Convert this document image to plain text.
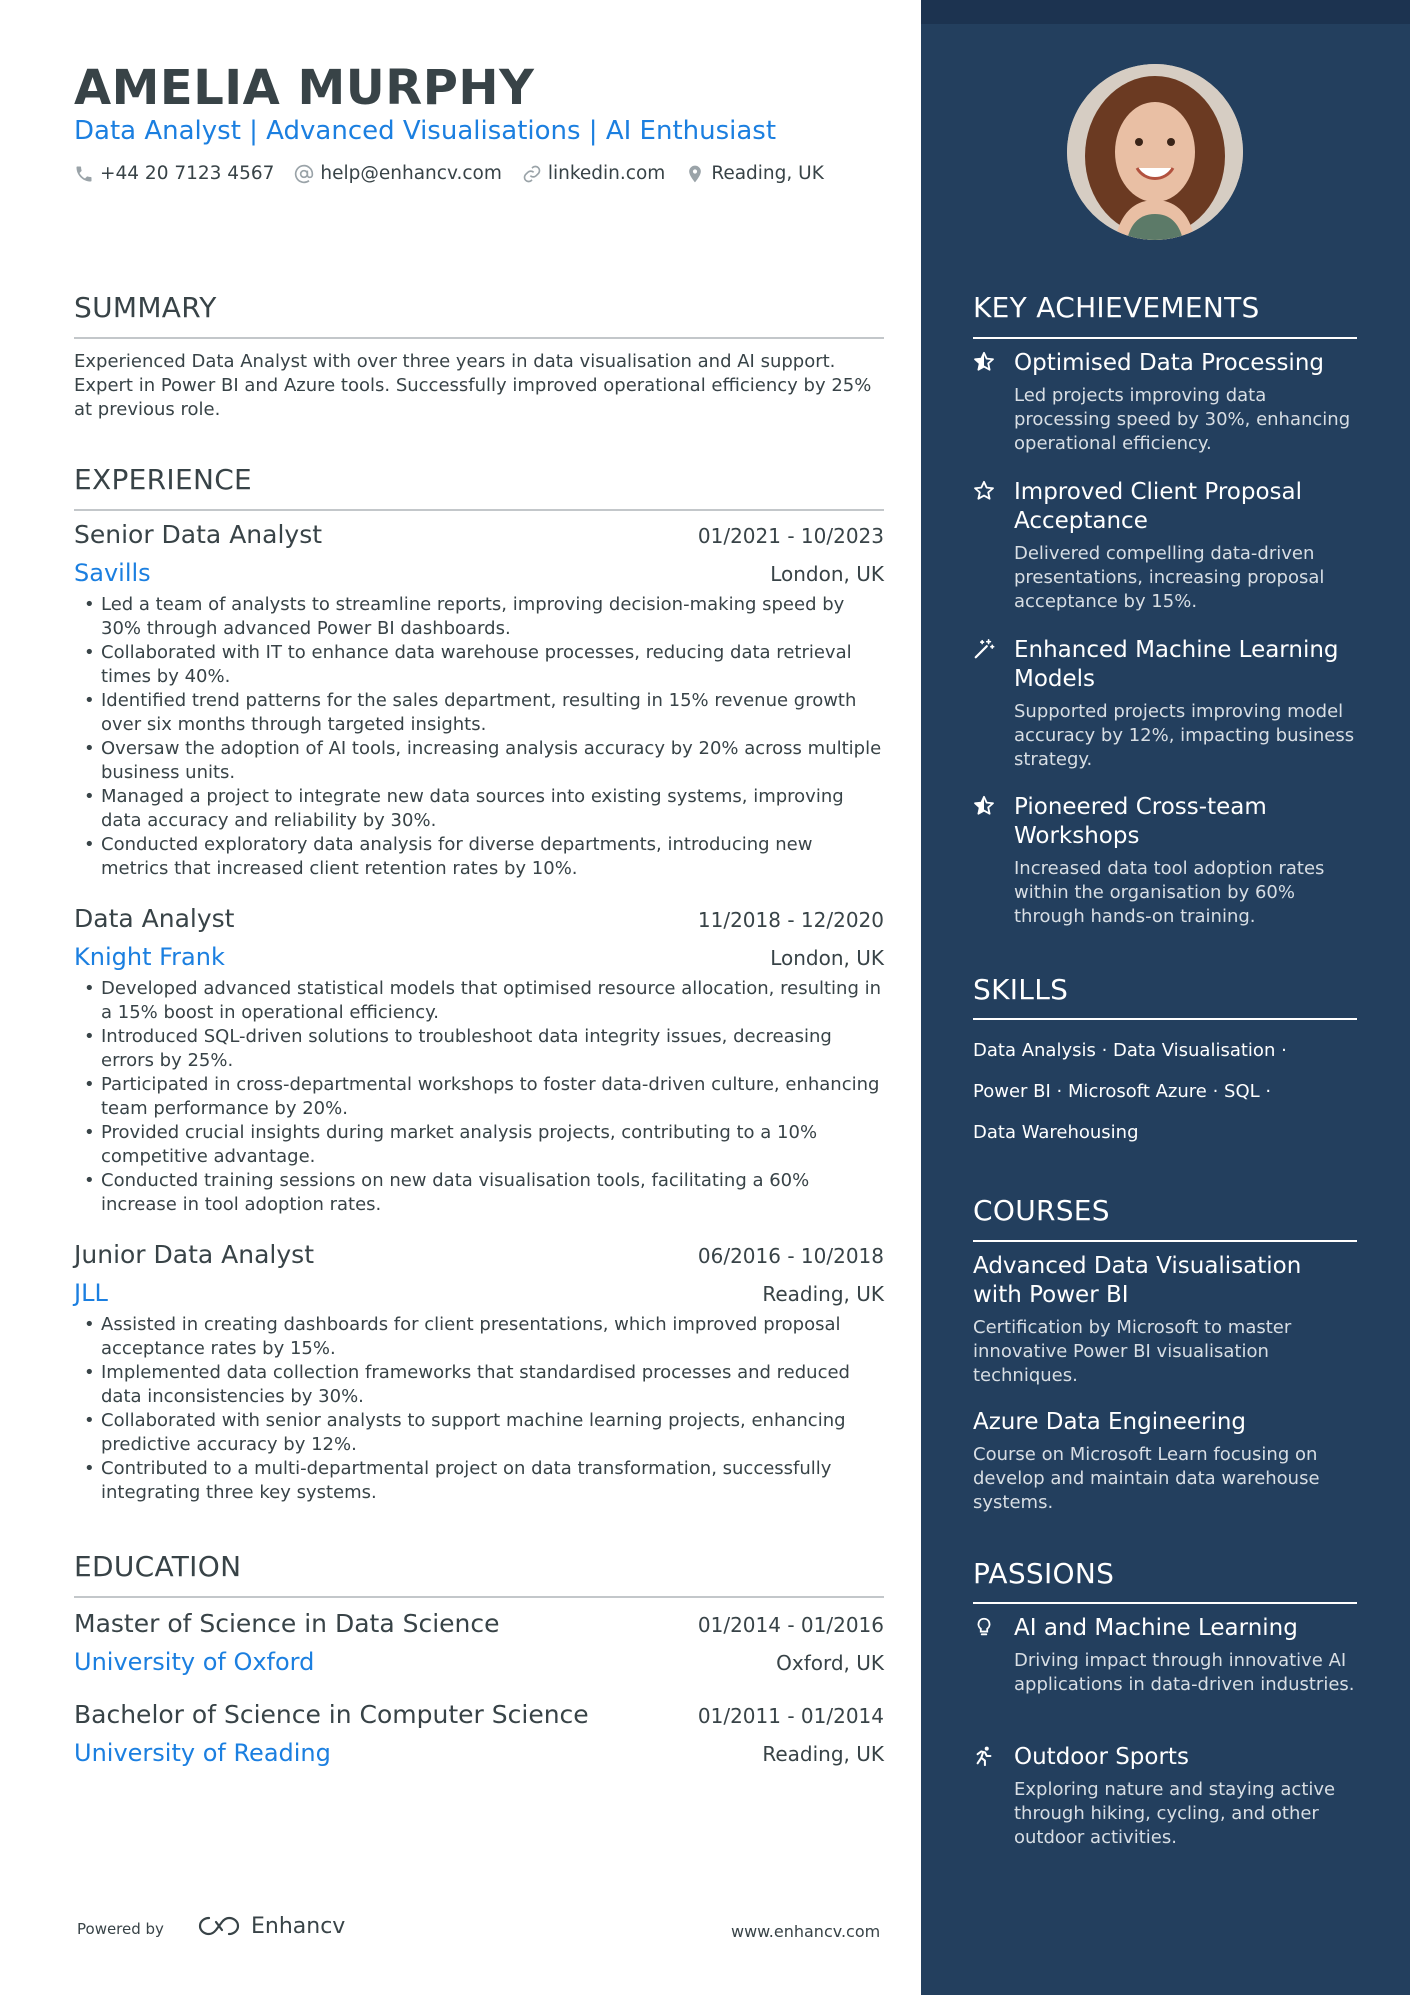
AMELIA MURPHY
Data Analyst | Advanced Visualisations | AI Enthusiast
+44 20 7123 4567 help@enhancv.com linkedin.com Reading, UK
SUMMARY
Experienced Data Analyst with over three years in data visualisation and AI support. Expert in Power BI and Azure tools. Successfully improved operational efficiency by 25% at previous role.
EXPERIENCE
Senior Data Analyst	01/2021 - 10/2023
Savills	London, UK
• Led a team of analysts to streamline reports, improving decision-making speed by 30% through advanced Power BI dashboards.
• Collaborated with IT to enhance data warehouse processes, reducing data retrieval times by 40%.
• Identified trend patterns for the sales department, resulting in 15% revenue growth over six months through targeted insights.
• Oversaw the adoption of AI tools, increasing analysis accuracy by 20% across multiple business units.
• Managed a project to integrate new data sources into existing systems, improving data accuracy and reliability by 30%.
• Conducted exploratory data analysis for diverse departments, introducing new metrics that increased client retention rates by 10%.
Data Analyst	11/2018 - 12/2020
Knight Frank	London, UK
• Developed advanced statistical models that optimised resource allocation, resulting in a 15% boost in operational efficiency.
• Introduced SQL-driven solutions to troubleshoot data integrity issues, decreasing errors by 25%.
• Participated in cross-departmental workshops to foster data-driven culture, enhancing team performance by 20%.
• Provided crucial insights during market analysis projects, contributing to a 10% competitive advantage.
• Conducted training sessions on new data visualisation tools, facilitating a 60% increase in tool adoption rates.
Junior Data Analyst	06/2016 - 10/2018
JLL	Reading, UK
• Assisted in creating dashboards for client presentations, which improved proposal acceptance rates by 15%.
• Implemented data collection frameworks that standardised processes and reduced data inconsistencies by 30%.
• Collaborated with senior analysts to support machine learning projects, enhancing predictive accuracy by 12%.
• Contributed to a multi-departmental project on data transformation, successfully integrating three key systems.
EDUCATION
Master of Science in Data Science	01/2014 - 01/2016
University of Oxford	Oxford, UK
Bachelor of Science in Computer Science	01/2011 - 01/2014
University of Reading	Reading, UK
Powered by	Enhancv	www.enhancv.com
KEY ACHIEVEMENTS
Optimised Data Processing
Led projects improving data processing speed by 30%, enhancing operational efficiency.
Improved Client Proposal Acceptance
Delivered compelling data-driven presentations, increasing proposal acceptance by 15%.
Enhanced Machine Learning Models
Supported projects improving model accuracy by 12%, impacting business strategy.
Pioneered Cross-team Workshops
Increased data tool adoption rates within the organisation by 60% through hands-on training.
SKILLS
Data Analysis · Data Visualisation ·
Power BI · Microsoft Azure · SQL ·
Data Warehousing
COURSES
Advanced Data Visualisation with Power BI
Certification by Microsoft to master innovative Power BI visualisation techniques.
Azure Data Engineering
Course on Microsoft Learn focusing on develop and maintain data warehouse systems.
PASSIONS
AI and Machine Learning
Driving impact through innovative AI applications in data-driven industries.
Outdoor Sports
Exploring nature and staying active through hiking, cycling, and other outdoor activities.
